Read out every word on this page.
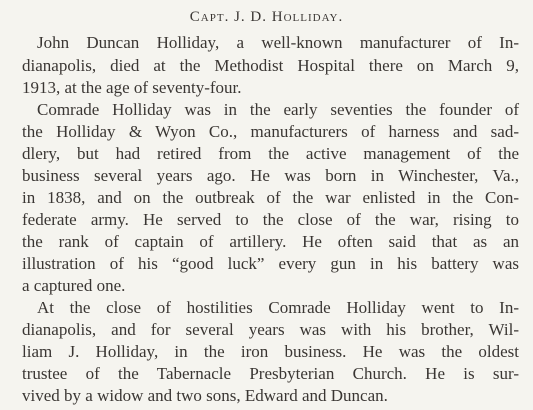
Capt. J. D. Holliday.
John Duncan Holliday, a well-known manufacturer of In-
dianapolis, died at the Methodist Hospital there on March 9,
1913, at the age of seventy-four.
Comrade Holliday was in the early seventies the founder of
the Holliday & Wyon Co., manufacturers of harness and sad-
dlery, but had retired from the active management of the
business several years ago. He was born in Winchester, Va.,
in 1838, and on the outbreak of the war enlisted in the Con-
federate army. He served to the close of the war, rising to
the rank of captain of artillery. He often said that as an
illustration of his “good luck” every gun in his battery was
a captured one.
At the close of hostilities Comrade Holliday went to In-
dianapolis, and for several years was with his brother, Wil-
liam J. Holliday, in the iron business. He was the oldest
trustee of the Tabernacle Presbyterian Church. He is sur-
vived by a widow and two sons, Edward and Duncan.
